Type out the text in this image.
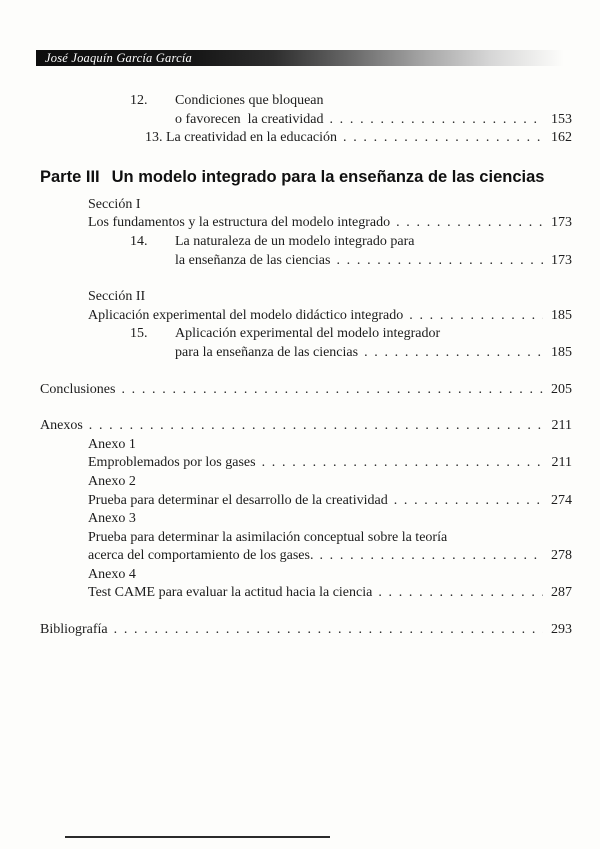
José Joaquín García García
12.	Condiciones que bloquean
o favorecen  la creatividad . . .	153
13. La creatividad en la educación . . .	162
Parte III Un modelo integrado para la enseñanza de las ciencias
Sección I
Los fundamentos y la estructura del modelo integrado . . .	173
14.	La naturaleza de un modelo integrado para
la enseñanza de las ciencias . . .	173
Sección II
Aplicación experimental del modelo didáctico integrado . . .	185
15.	Aplicación experimental del modelo integrador
para la enseñanza de las ciencias . . .	185
Conclusiones . . .	205
Anexos . . .	211
Anexo 1
Emproblemados por los gases . . .	211
Anexo 2
Prueba para determinar el desarrollo de la creatividad . . .	274
Anexo 3
Prueba para determinar la asimilación conceptual sobre la teoría
acerca del comportamiento de los gases. . . .	278
Anexo 4
Test CAME para evaluar la actitud hacia la ciencia . . .	287
Bibliografía . . .	293
